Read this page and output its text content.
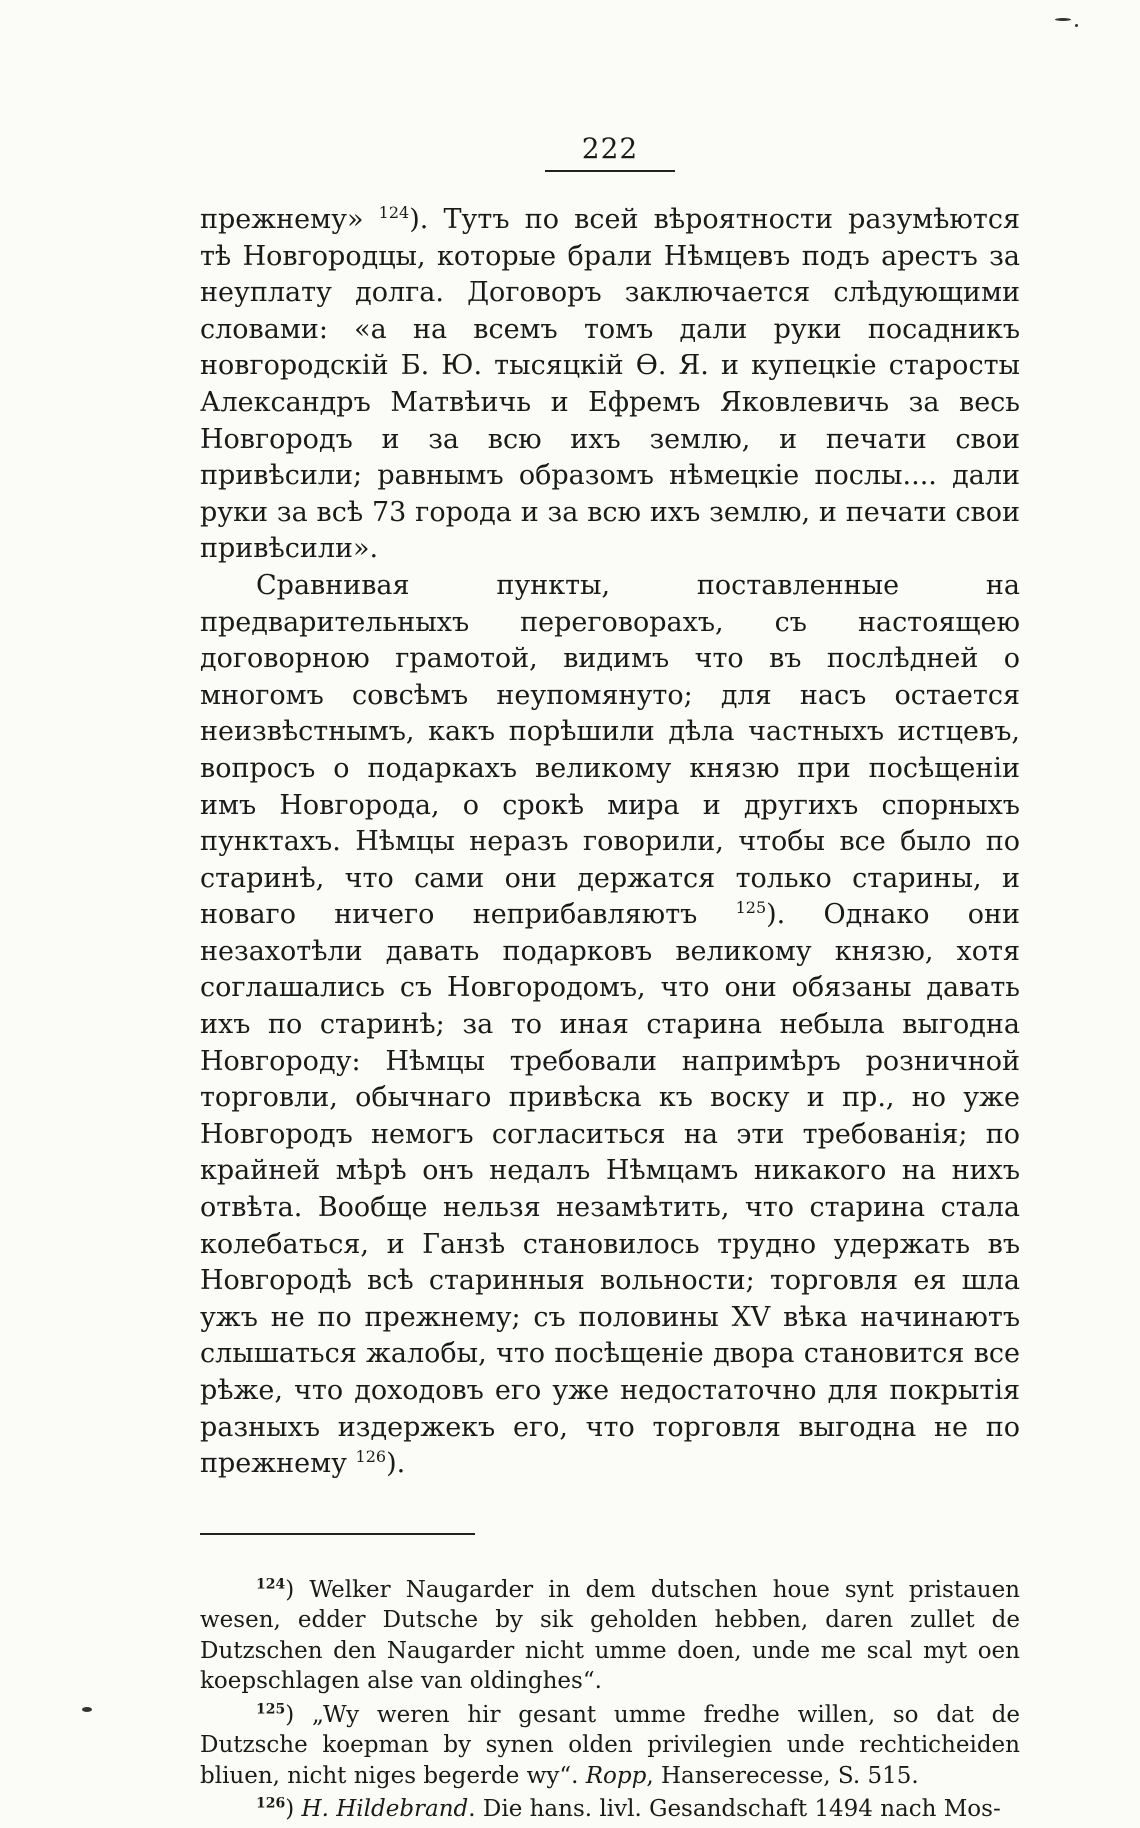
222

прежнему» $^{124}$). Тутъ по всей вѣроятности разумѣются тѣ Новгородцы, которые брали Нѣмцевъ подъ арестъ за неуплату долга. Договоръ заключается слѣдующими словами: «а на всемъ томъ дали руки посадникъ новгородскій Б. Ю. тысяцкій Ѳ. Я. и купецкіе старосты Александръ Матвѣичь и Ефремъ Яковлевичь за весь Новгородъ и за всю ихъ землю, и печати свои привѣсили; равнымъ образомъ нѣмецкіе послы.... дали руки за всѣ 73 города и за всю ихъ землю, и печати свои привѣсили».

Сравнивая пункты, поставленные на предварительныхъ переговорахъ, съ настоящею договорною грамотой, видимъ что въ послѣдней о многомъ совсѣмъ неупомянуто; для насъ остается неизвѣстнымъ, какъ порѣшили дѣла частныхъ истцевъ, вопросъ о подаркахъ великому князю при посѣщеніи имъ Новгорода, о срокѣ мира и другихъ спорныхъ пунктахъ. Нѣмцы неразъ говорили, чтобы все было по старинѣ, что сами они держатся только старины, и новаго ничего неприбавляютъ $^{125}$). Однако они незахотѣли давать подарковъ великому князю, хотя соглашались съ Новгородомъ, что они обязаны давать ихъ по старинѣ; за то иная старина небыла выгодна Новгороду: Нѣмцы требовали напримѣръ розничной торговли, обычнаго привѣска къ воску и пр., но уже Новгородъ немогъ согласиться на эти требованія; по крайней мѣрѣ онъ недалъ Нѣмцамъ никакого на нихъ отвѣта. Вообще нельзя незамѣтить, что старина стала колебаться, и Ганзѣ становилось трудно удержать въ Новгородѣ всѣ старинныя вольности; торговля ея шла ужъ не по прежнему; съ половины XV вѣка начинаютъ слышаться жалобы, что посѣщеніе двора становится все рѣже, что доходовъ его уже недостаточно для покрытія разныхъ издержекъ его, что торговля выгодна не по прежнему $^{126}$).

$^{124}$) Welker Naugarder in dem dutschen houe synt pristauen wesen, edder Dutsche by sik geholden hebben, daren zullet de Dutzschen den Naugarder nicht umme doen, unde me scal myt oen koepschlagen alse van oldinghes“.

$^{125}$) „Wy weren hir gesant umme fredhe willen, so dat de Dutzsche koepman by synen olden privilegien unde rechticheiden bliuen, nicht niges begerde wy“. Ropp, Hanserecesse, S. 515.

$^{126}$) H. Hildebrand. Die hans. livl. Gesandschaft 1494 nach Mos-
